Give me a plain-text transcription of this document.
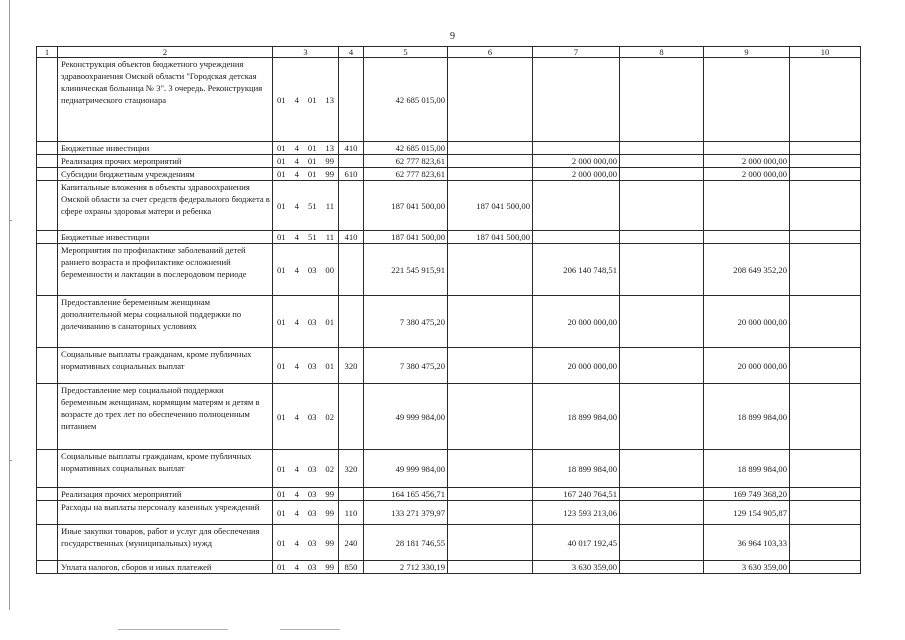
9
1	2	3	4	5	6	7	8	9	10
	Реконструкция объектов бюджетного учреждения здравоохранения Омской области "Городская детская клиническая больница № 3". 3 очередь. Реконструкция педиатрического стационара	01 4 01 13		42 685 015,00					
	Бюджетные инвестиции	01 4 01 13	410	42 685 015,00					
	Реализация прочих мероприятий	01 4 01 99		62 777 823,61		2 000 000,00		2 000 000,00	
	Субсидии бюджетным учреждениям	01 4 01 99	610	62 777 823,61		2 000 000,00		2 000 000,00	
	Капитальные вложения в объекты здравоохранения Омской области за счет средств федерального бюджета в сфере охраны здоровья матери и ребенка	01 4 51 11		187 041 500,00	187 041 500,00				
	Бюджетные инвестиции	01 4 51 11	410	187 041 500,00	187 041 500,00				
	Мероприятия по профилактике заболеваний детей раннего возраста и профилактике осложнений беременности и лактации в послеродовом периоде	01 4 03 00		221 545 915,91		206 140 748,51		208 649 352,20	
	Предоставление беременным женщинам дополнительной меры социальной поддержки по долечиванию в санаторных условиях	01 4 03 01		7 380 475,20		20 000 000,00		20 000 000,00	
	Социальные выплаты гражданам, кроме публичных нормативных социальных выплат	01 4 03 01	320	7 380 475,20		20 000 000,00		20 000 000,00	
	Предоставление мер социальной поддержки беременным женщинам, кормящим матерям и детям в возрасте до трех лет по обеспечению полноценным питанием	01 4 03 02		49 999 984,00		18 899 984,00		18 899 984,00	
	Социальные выплаты гражданам, кроме публичных нормативных социальных выплат	01 4 03 02	320	49 999 984,00		18 899 984,00		18 899 984,00	
	Реализация прочих мероприятий	01 4 03 99		164 165 456,71		167 240 764,51		169 749 368,20	
	Расходы на выплаты персоналу казенных учреждений	01 4 03 99	110	133 271 379,97		123 593 213,06		129 154 905,87	
	Иные закупки товаров, работ и услуг для обеспечения государственных (муниципальных) нужд	01 4 03 99	240	28 181 746,55		40 017 192,45		36 964 103,33	
	Уплата налогов, сборов и иных платежей	01 4 03 99	850	2 712 330,19		3 630 359,00		3 630 359,00	
